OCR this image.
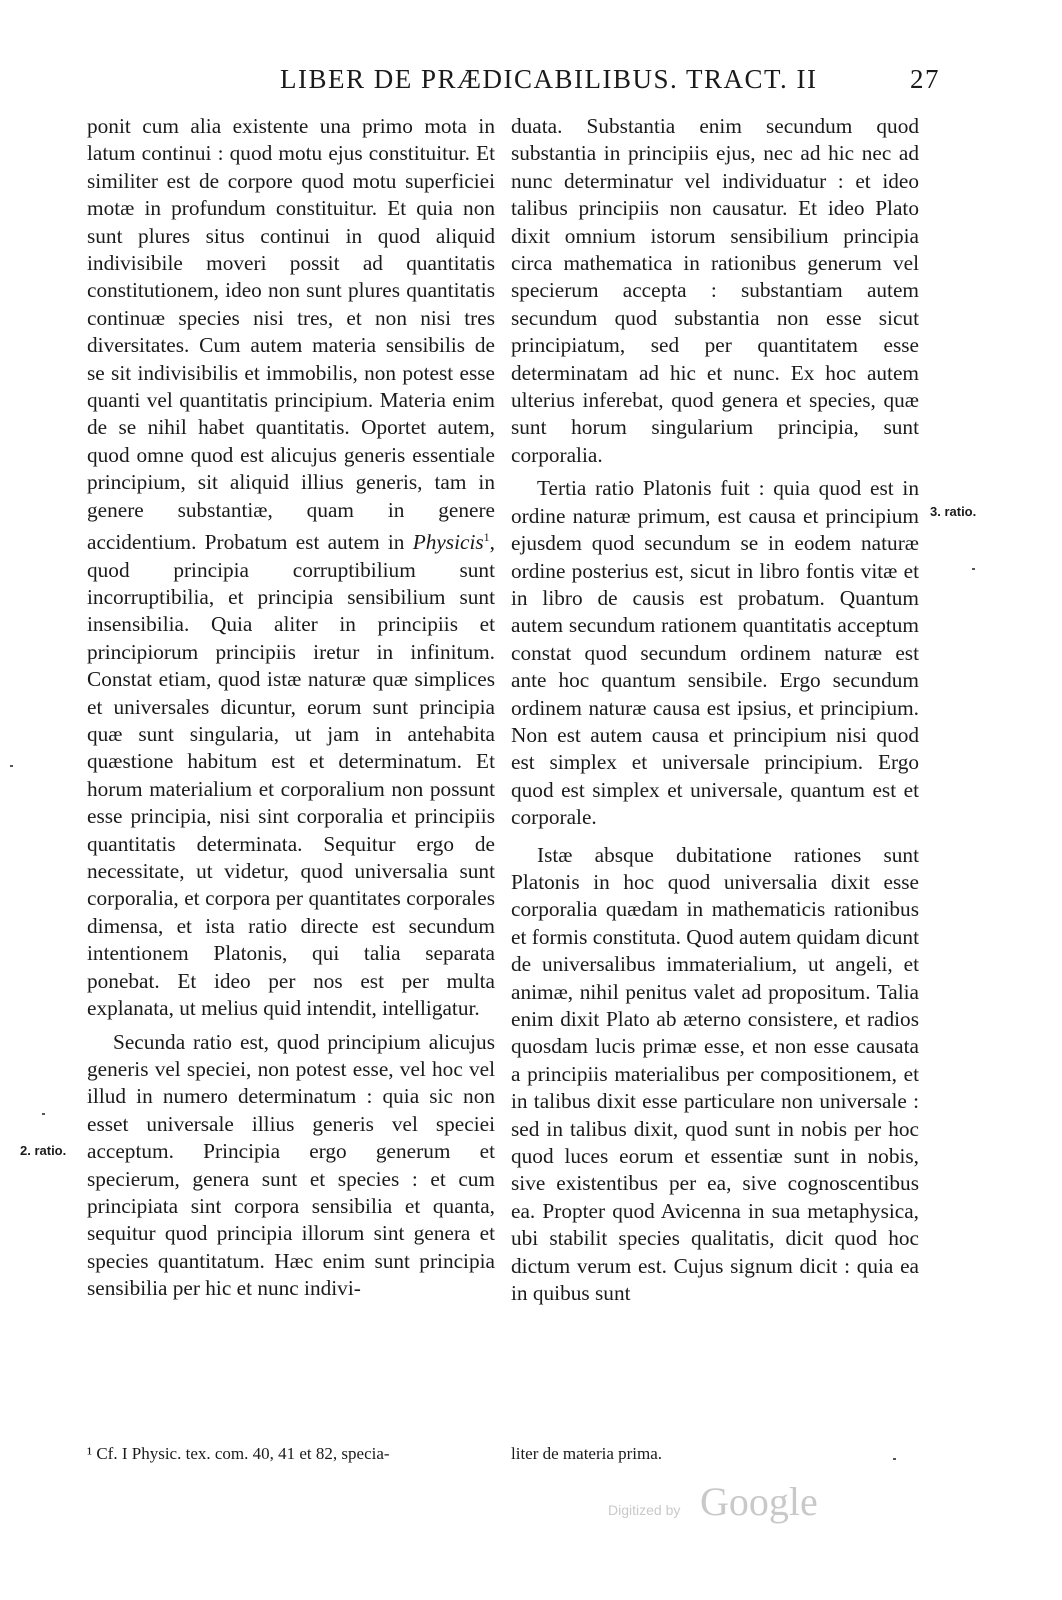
LIBER DE PRÆDICABILIBUS. TRACT. II	27

ponit cum alia existente una primo mota in latum continui : quod motu ejus constituitur. Et similiter est de corpore quod motu superficiei motæ in profundum constituitur. Et quia non sunt plures situs continui in quod aliquid indivisibile moveri possit ad quantitatis constitutionem, ideo non sunt plures quantitatis continuæ species nisi tres, et non nisi tres diversitates. Cum autem materia sensibilis de se sit indivisibilis et immobilis, non potest esse quanti vel quantitatis principium. Materia enim de se nihil habet quantitatis. Oportet autem, quod omne quod est alicujus generis essentiale principium, sit aliquid illius generis, tam in genere substantiæ, quam in genere accidentium. Probatum est autem in Physicis$^1$, quod principia corruptibilium sunt incorruptibilia, et principia sensibilium sunt insensibilia. Quia aliter in principiis et principiorum principiis iretur in infinitum. Constat etiam, quod istæ naturæ quæ simplices et universales dicuntur, eorum sunt principia quæ sunt singularia, ut jam in antehabita quæstione habitum est et determinatum. Et horum materialium et corporalium non possunt esse principia, nisi sint corporalia et principiis quantitatis determinata. Sequitur ergo de necessitate, ut videtur, quod universalia sunt corporalia, et corpora per quantitates corporales dimensa, et ista ratio directe est secundum intentionem Platonis, qui talia separata ponebat. Et ideo per nos est per multa explanata, ut melius quid intendit, intelligatur.

Secunda ratio est, quod principium alicujus generis vel speciei, non potest esse, vel hoc vel illud in numero determinatum : quia sic non esset universale illius generis vel speciei acceptum. Principia ergo generum et specierum, genera sunt et species : et cum principiata sint corpora sensibilia et quanta, sequitur quod principia illorum sint genera et species quantitatum. Hæc enim sunt principia sensibilia per hic et nunc indivi-

duata. Substantia enim secundum quod substantia in principiis ejus, nec ad hic nec ad nunc determinatur vel individuatur : et ideo talibus principiis non causatur. Et ideo Plato dixit omnium istorum sensibilium principia circa mathematica in rationibus generum vel specierum accepta : substantiam autem secundum quod substantia non esse sicut principiatum, sed per quantitatem esse determinatam ad hic et nunc. Ex hoc autem ulterius inferebat, quod genera et species, quæ sunt horum singularium principia, sunt corporalia.

Tertia ratio Platonis fuit : quia quod est in ordine naturæ primum, est causa et principium ejusdem quod secundum se in eodem naturæ ordine posterius est, sicut in libro fontis vitæ et in libro de causis est probatum. Quantum autem secundum rationem quantitatis acceptum constat quod secundum ordinem naturæ est ante hoc quantum sensibile. Ergo secundum ordinem naturæ causa est ipsius, et principium. Non est autem causa et principium nisi quod est simplex et universale principium. Ergo quod est simplex et universale, quantum est et corporale.

Istæ absque dubitatione rationes sunt Platonis in hoc quod universalia dixit esse corporalia quædam in mathematicis rationibus et formis constituta. Quod autem quidam dicunt de universalibus immaterialium, ut angeli, et animæ, nihil penitus valet ad propositum. Talia enim dixit Plato ab æterno consistere, et radios quosdam lucis primæ esse, et non esse causata a principiis materialibus per compositionem, et in talibus dixit esse particulare non universale : sed in talibus dixit, quod sunt in nobis per hoc quod luces eorum et essentiæ sunt in nobis, sive existentibus per ea, sive cognoscentibus ea. Propter quod Avicenna in sua metaphysica, ubi stabilit species qualitatis, dicit quod hoc dictum verum est. Cujus signum dicit : quia ea in quibus sunt

2. ratio.
3. ratio.
¹ Cf. I Physic. tex. com. 40, 41 et 82, specia-	liter de materia prima.
Digitized by Google
